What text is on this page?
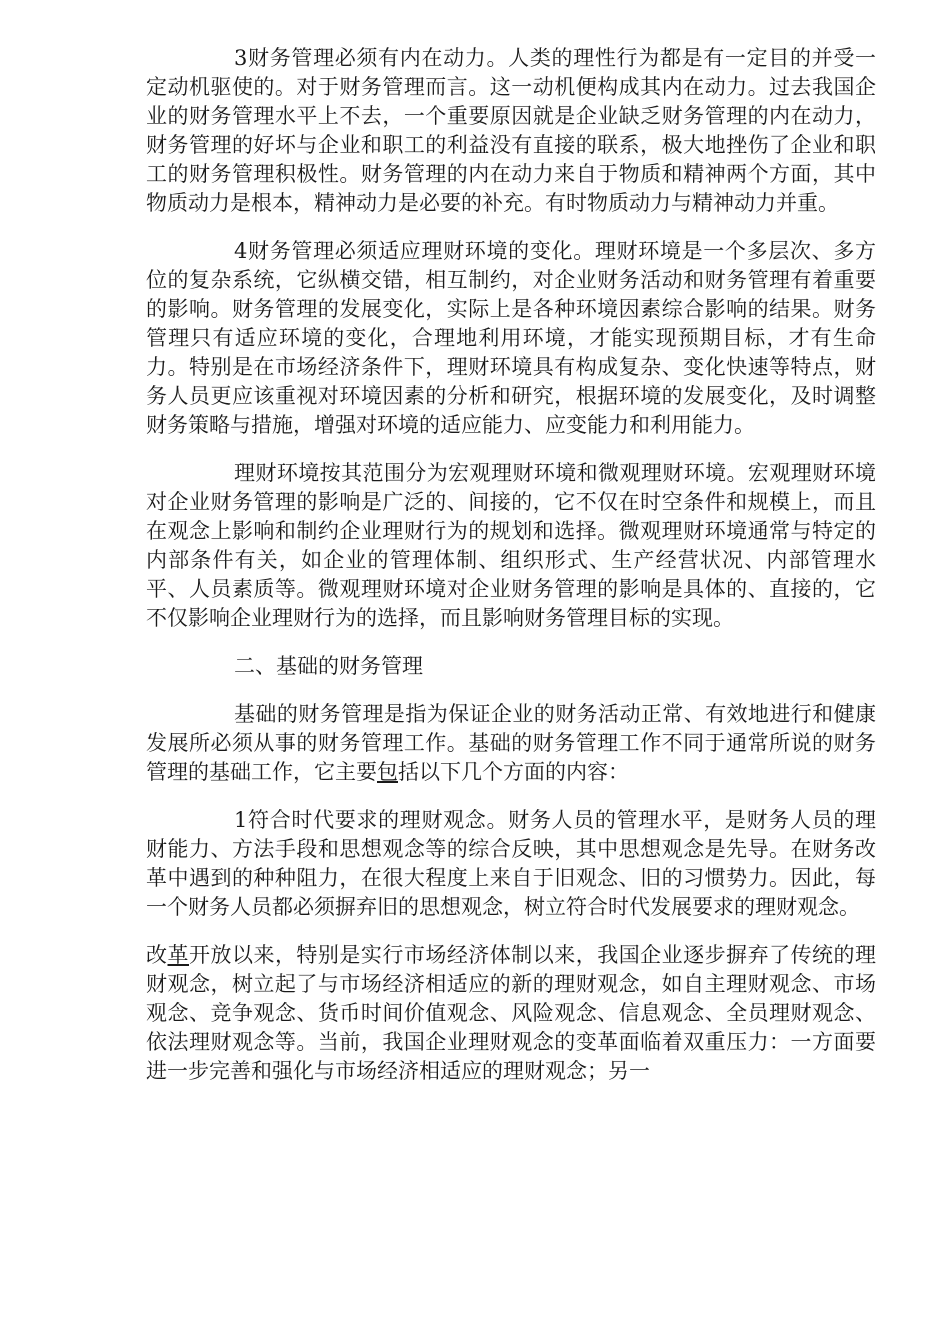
3财务管理必须有内在动力。人类的理性行为都是有一定目的并受一定动机驱使的。对于财务管理而言。这一动机便构成其内在动力。过去我国企业的财务管理水平上不去，一个重要原因就是企业缺乏财务管理的内在动力，财务管理的好坏与企业和职工的利益没有直接的联系，极大地挫伤了企业和职工的财务管理积极性。财务管理的内在动力来自于物质和精神两个方面，其中物质动力是根本，精神动力是必要的补充。有时物质动力与精神动力并重。

4财务管理必须适应理财环境的变化。理财环境是一个多层次、多方位的复杂系统，它纵横交错，相互制约，对企业财务活动和财务管理有着重要的影响。财务管理的发展变化，实际上是各种环境因素综合影响的结果。财务管理只有适应环境的变化，合理地利用环境，才能实现预期目标，才有生命力。特别是在市场经济条件下，理财环境具有构成复杂、变化快速等特点，财务人员更应该重视对环境因素的分析和研究，根据环境的发展变化，及时调整财务策略与措施，增强对环境的适应能力、应变能力和利用能力。

理财环境按其范围分为宏观理财环境和微观理财环境。宏观理财环境对企业财务管理的影响是广泛的、间接的，它不仅在时空条件和规模上，而且在观念上影响和制约企业理财行为的规划和选择。微观理财环境通常与特定的内部条件有关，如企业的管理体制、组织形式、生产经营状况、内部管理水平、人员素质等。微观理财环境对企业财务管理的影响是具体的、直接的，它不仅影响企业理财行为的选择，而且影响财务管理目标的实现。

二、基础的财务管理

基础的财务管理是指为保证企业的财务活动正常、有效地进行和健康发展所必须从事的财务管理工作。基础的财务管理工作不同于通常所说的财务管理的基础工作，它主要包括以下几个方面的内容：

1符合时代要求的理财观念。财务人员的管理水平，是财务人员的理财能力、方法手段和思想观念等的综合反映，其中思想观念是先导。在财务改革中遇到的种种阻力，在很大程度上来自于旧观念、旧的习惯势力。因此，每一个财务人员都必须摒弃旧的思想观念，树立符合时代发展要求的理财观念。

改革开放以来，特别是实行市场经济体制以来，我国企业逐步摒弃了传统的理财观念，树立起了与市场经济相适应的新的理财观念，如自主理财观念、市场观念、竞争观念、货币时间价值观念、风险观念、信息观念、全员理财观念、依法理财观念等。当前，我国企业理财观念的变革面临着双重压力：一方面要进一步完善和强化与市场经济相适应的理财观念；另一
